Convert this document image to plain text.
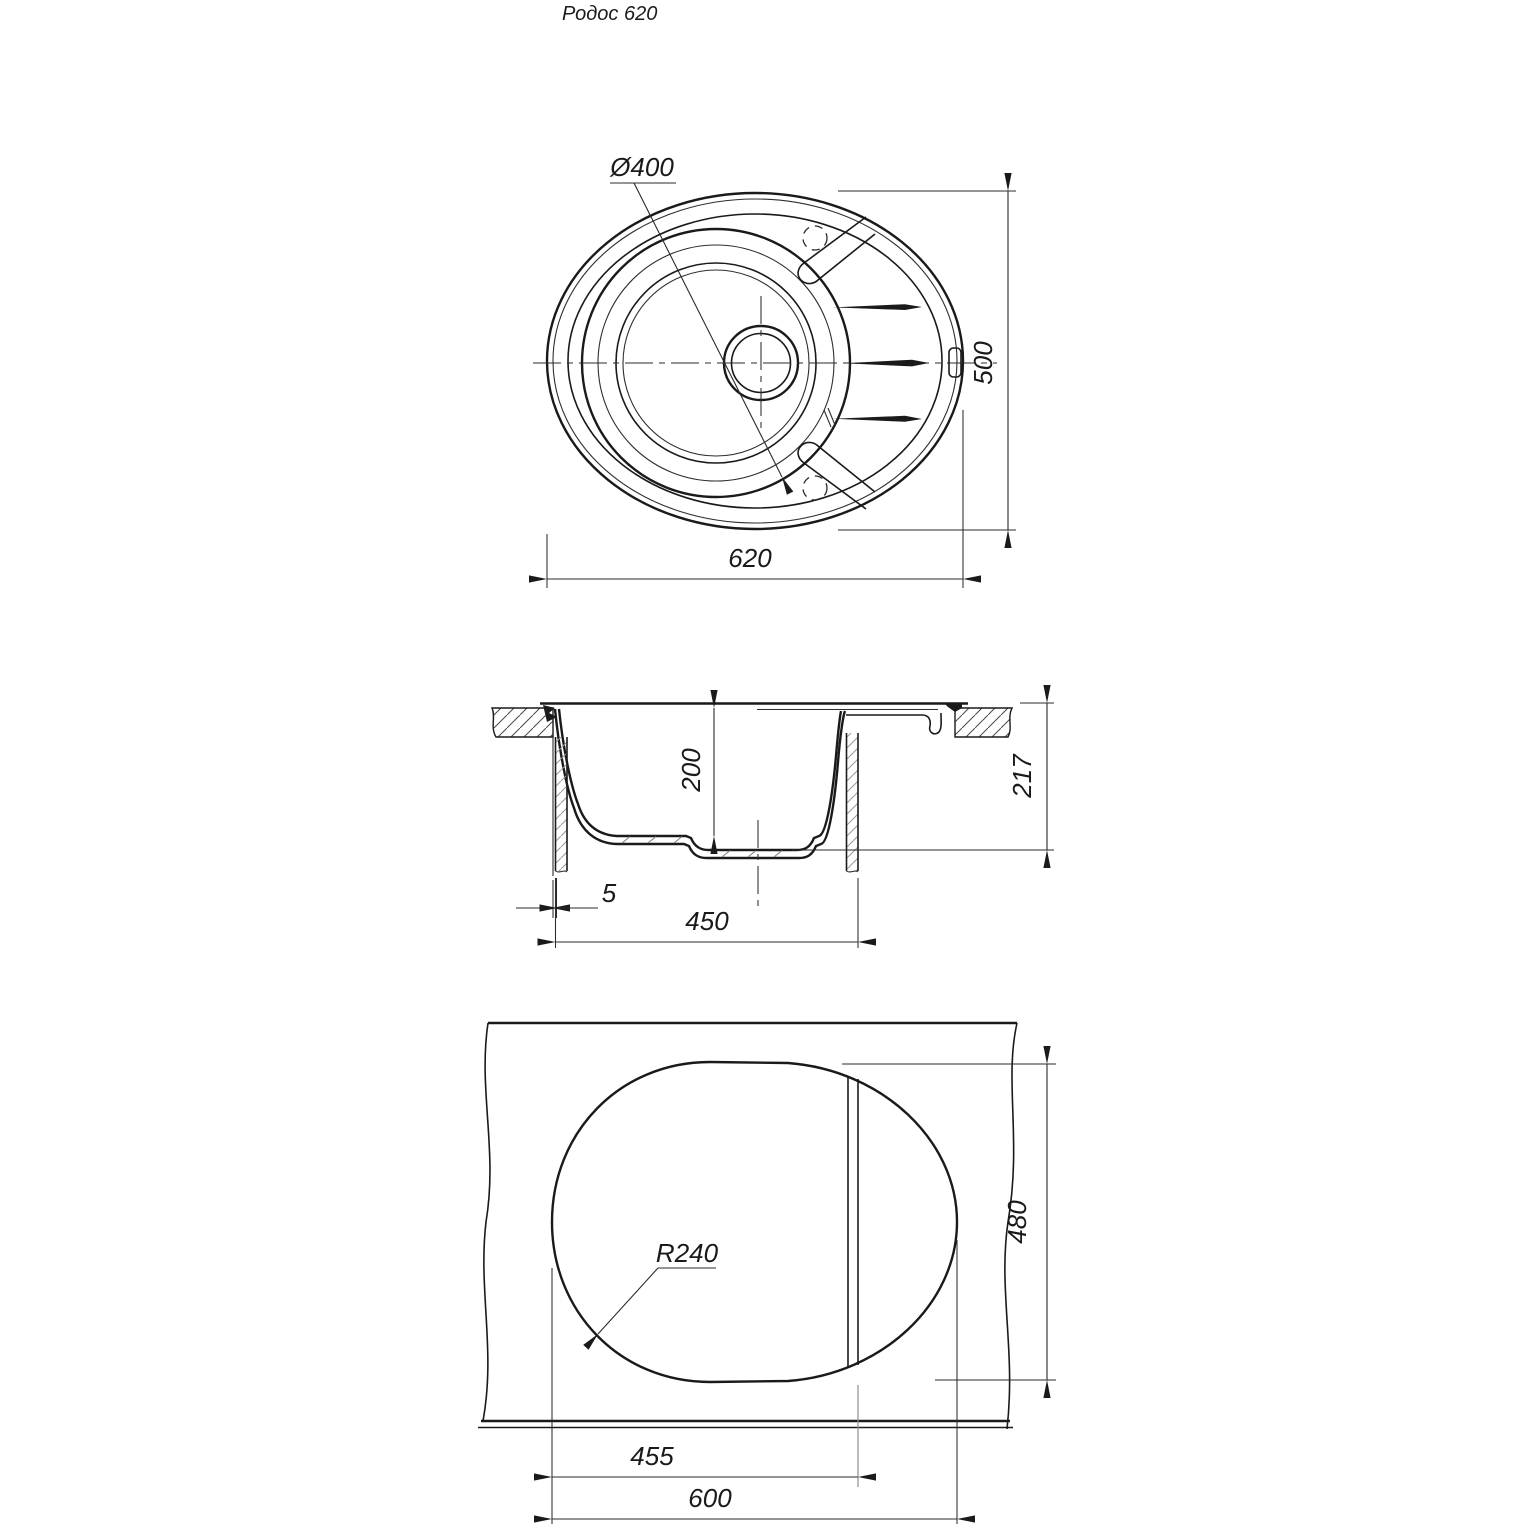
Ø400
620
500
200	217
5
450
R240
455
600
480
Родос 620
